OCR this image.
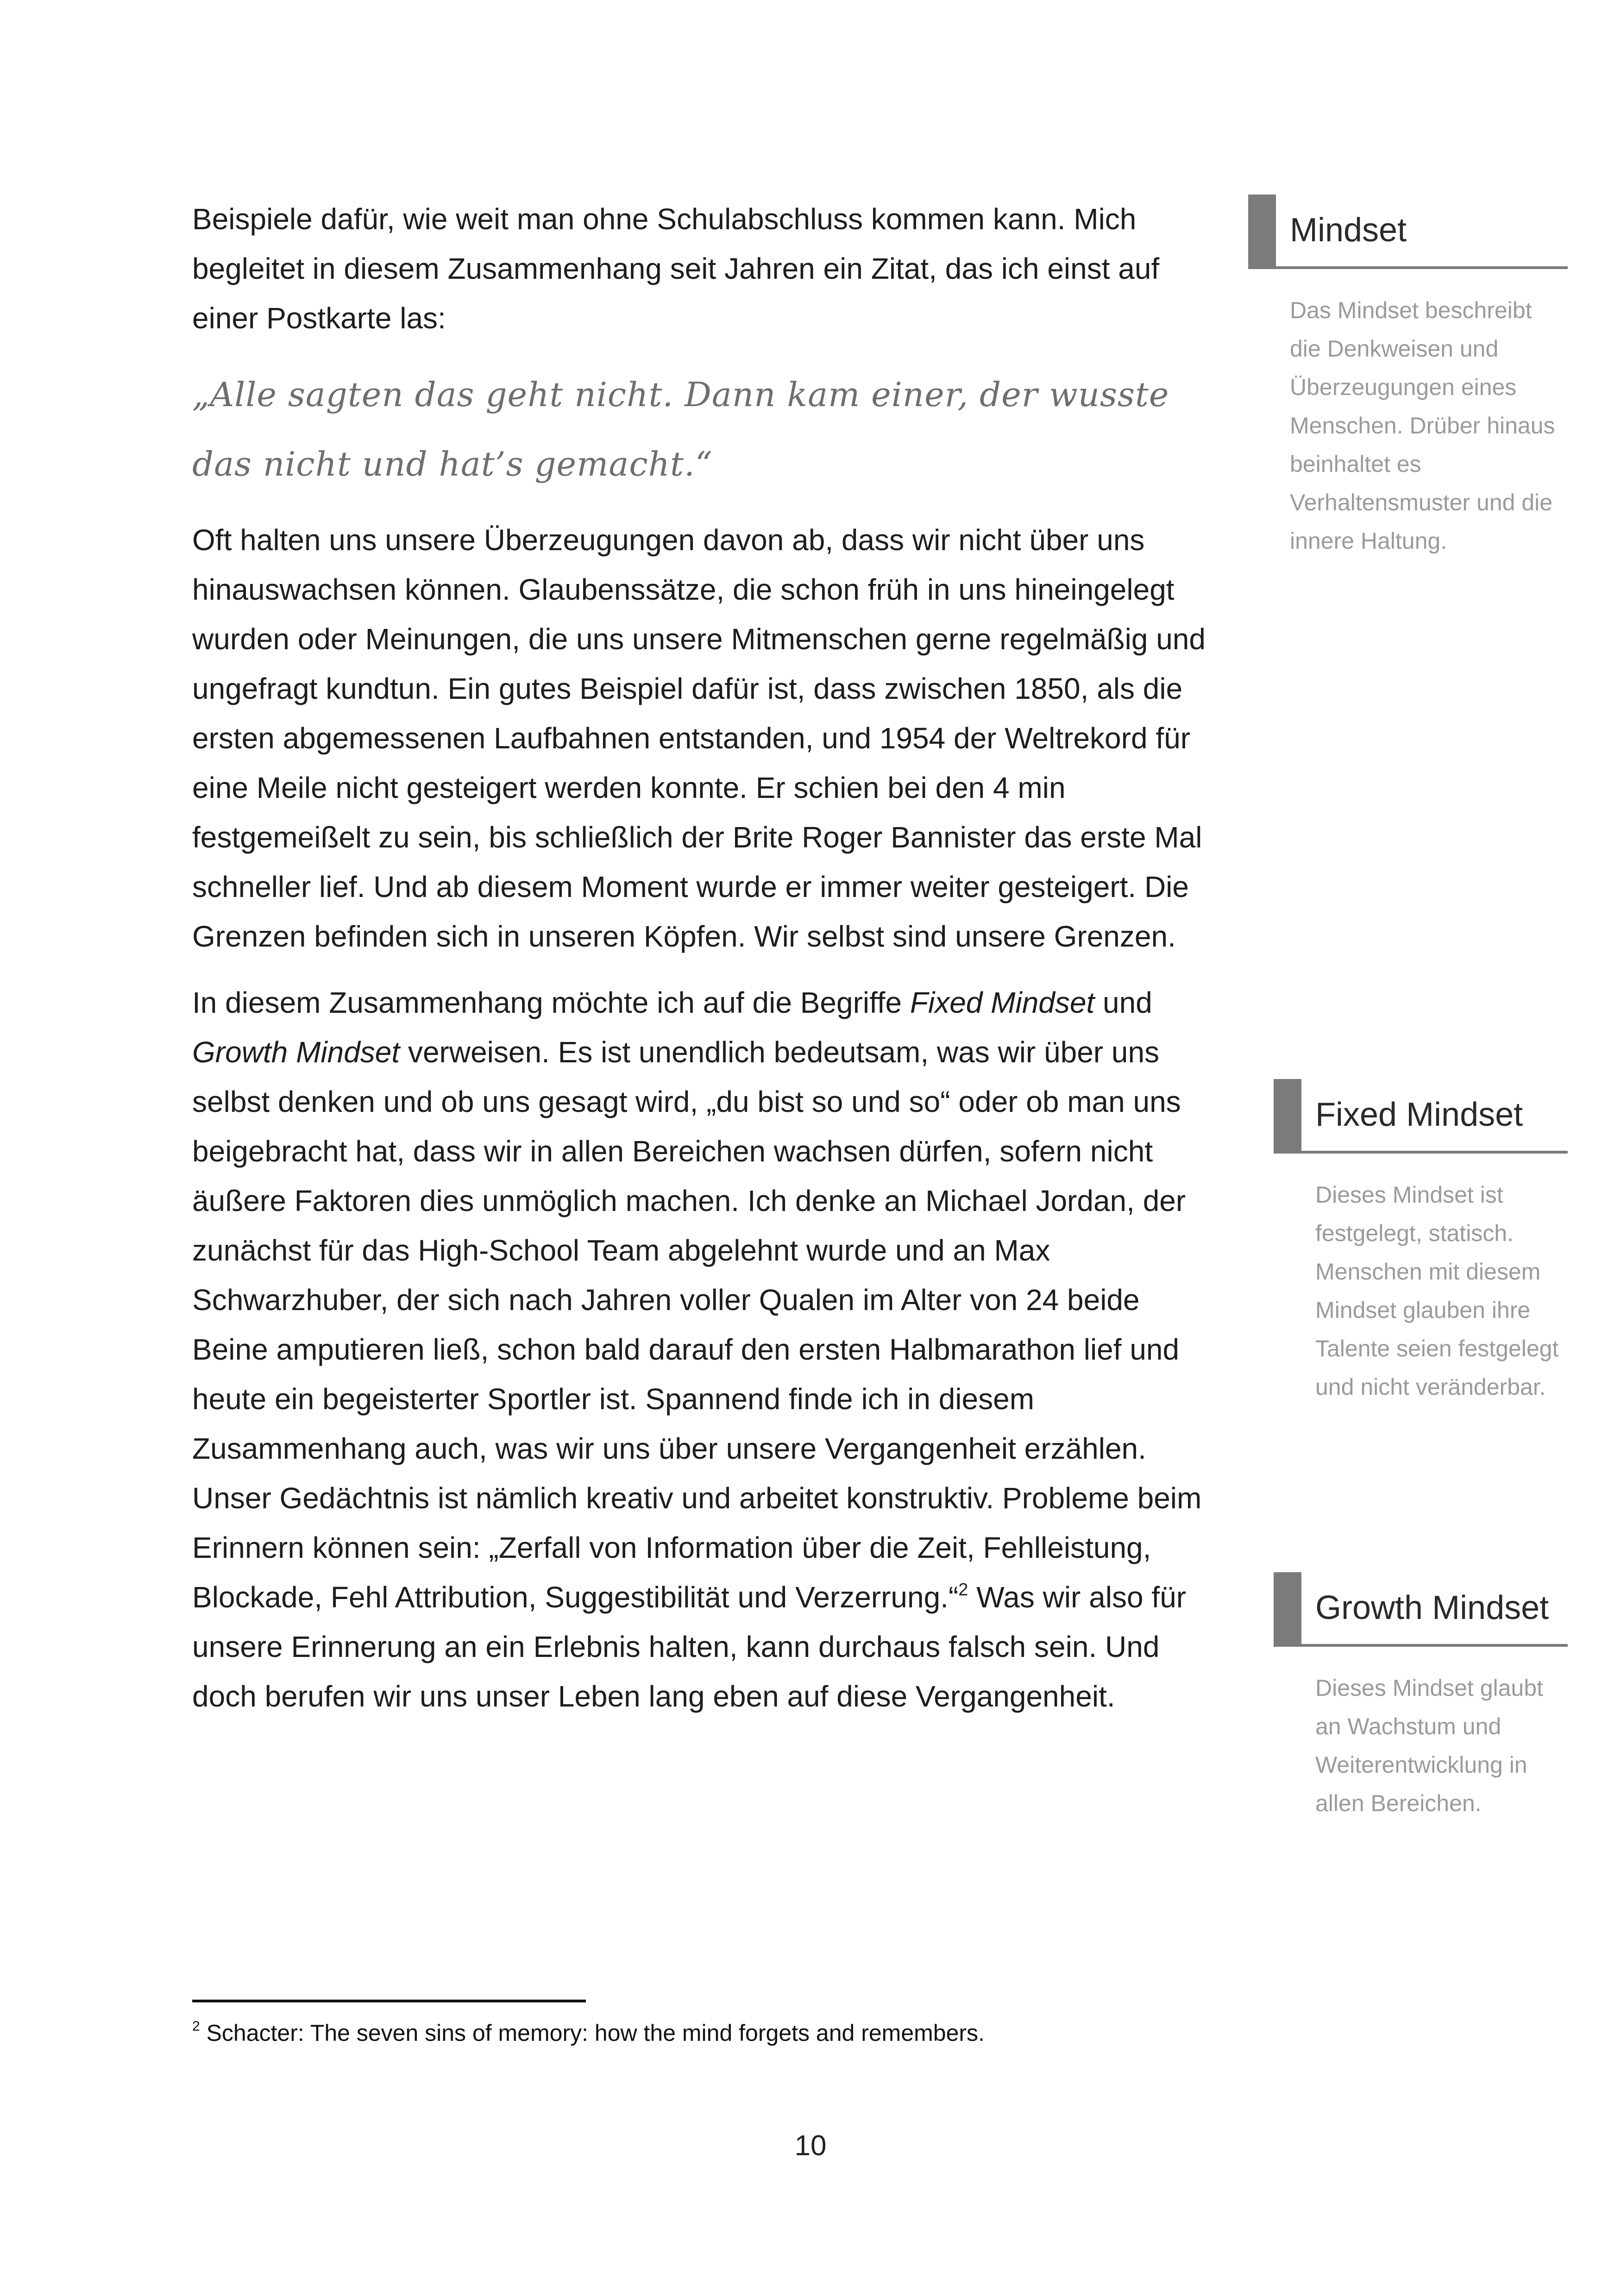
Beispiele dafür, wie weit man ohne Schulabschluss kommen kann. Mich begleitet in diesem Zusammenhang seit Jahren ein Zitat, das ich einst auf einer Postkarte las:

„Alle sagten das geht nicht. Dann kam einer, der wusste das nicht und hat’s gemacht.“

Oft halten uns unsere Überzeugungen davon ab, dass wir nicht über uns hinauswachsen können. Glaubenssätze, die schon früh in uns hineingelegt wurden oder Meinungen, die uns unsere Mitmenschen gerne regelmäßig und ungefragt kundtun. Ein gutes Beispiel dafür ist, dass zwischen 1850, als die ersten abgemessenen Laufbahnen entstanden, und 1954 der Weltrekord für eine Meile nicht gesteigert werden konnte. Er schien bei den 4 min festgemeißelt zu sein, bis schließlich der Brite Roger Bannister das erste Mal schneller lief. Und ab diesem Moment wurde er immer weiter gesteigert. Die Grenzen befinden sich in unseren Köpfen. Wir selbst sind unsere Grenzen.

In diesem Zusammenhang möchte ich auf die Begriffe Fixed Mindset und Growth Mindset verweisen. Es ist unendlich bedeutsam, was wir über uns selbst denken und ob uns gesagt wird, „du bist so und so“ oder ob man uns beigebracht hat, dass wir in allen Bereichen wachsen dürfen, sofern nicht äußere Faktoren dies unmöglich machen. Ich denke an Michael Jordan, der zunächst für das High-School Team abgelehnt wurde und an Max Schwarzhuber, der sich nach Jahren voller Qualen im Alter von 24 beide Beine amputieren ließ, schon bald darauf den ersten Halbmarathon lief und heute ein begeisterter Sportler ist. Spannend finde ich in diesem Zusammenhang auch, was wir uns über unsere Vergangenheit erzählen. Unser Gedächtnis ist nämlich kreativ und arbeitet konstruktiv. Probleme beim Erinnern können sein: „Zerfall von Information über die Zeit, Fehlleistung, Blockade, Fehl Attribution, Suggestibilität und Verzerrung.“$^2$ Was wir also für unsere Erinnerung an ein Erlebnis halten, kann durchaus falsch sein. Und doch berufen wir uns unser Leben lang eben auf diese Vergangenheit.

Mindset
Das Mindset beschreibt die Denkweisen und Überzeugungen eines Menschen. Drüber hinaus beinhaltet es Verhaltensmuster und die innere Haltung.
Fixed Mindset
Dieses Mindset ist festgelegt, statisch. Menschen mit diesem Mindset glauben ihre Talente seien festgelegt und nicht veränderbar.
Growth Mindset
Dieses Mindset glaubt an Wachstum und Weiterentwicklung in allen Bereichen.
$^2$ Schacter: The seven sins of memory: how the mind forgets and remembers.
10
